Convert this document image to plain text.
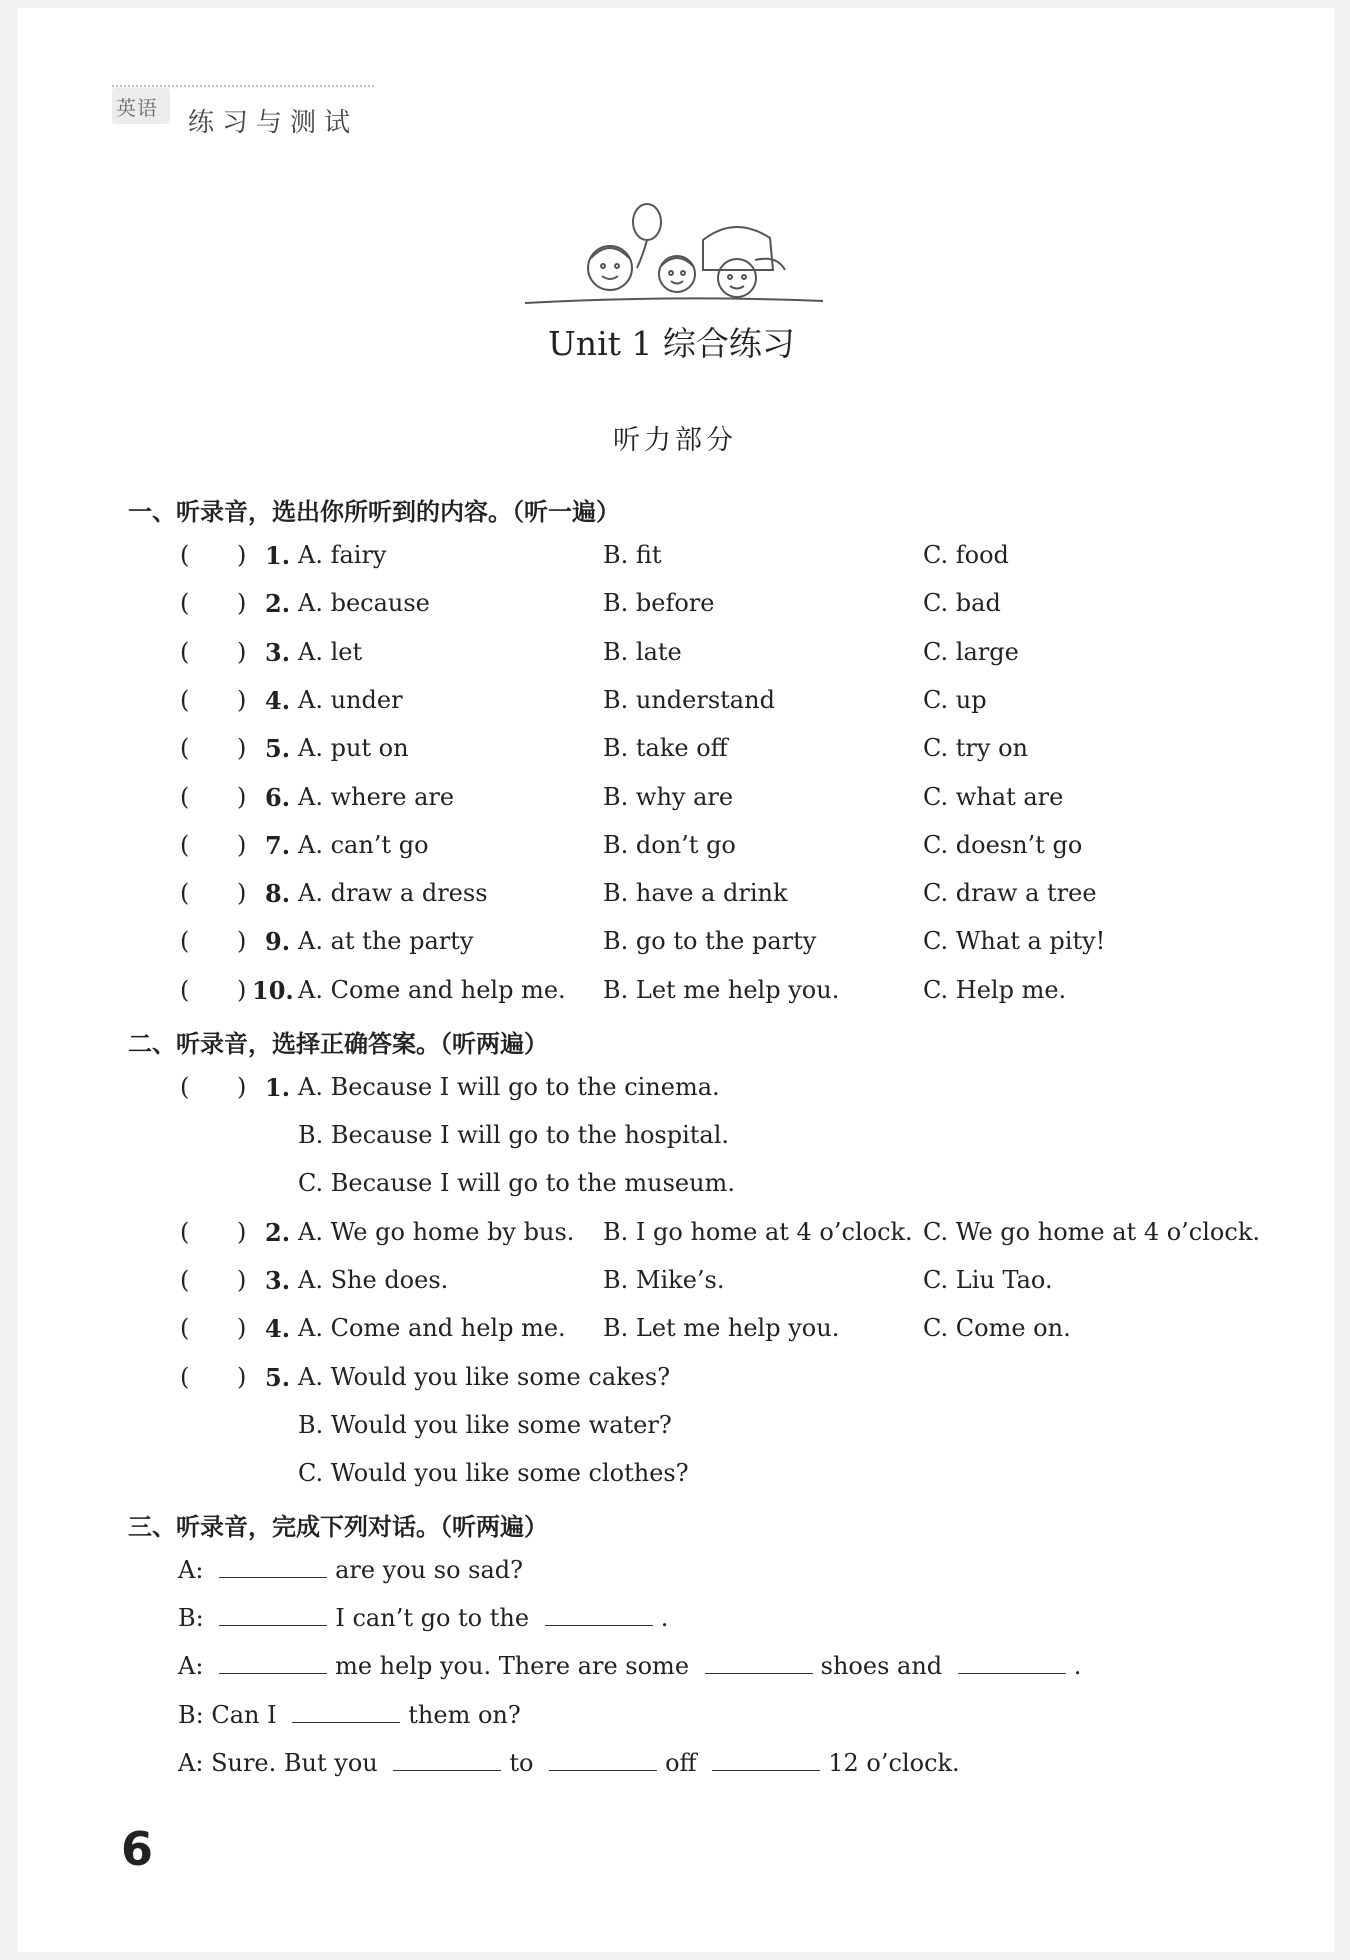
英语 练习与测试
Unit 1 综合练习
听力部分
一、听录音，选出你所听到的内容。（听一遍）
( ) 1. A. fairy	B. fit	C. food
( ) 2. A. because	B. before	C. bad
( ) 3. A. let	B. late	C. large
( ) 4. A. under	B. understand	C. up
( ) 5. A. put on	B. take off	C. try on
( ) 6. A. where are	B. why are	C. what are
( ) 7. A. can’t go	B. don’t go	C. doesn’t go
( ) 8. A. draw a dress	B. have a drink	C. draw a tree
( ) 9. A. at the party	B. go to the party	C. What a pity!
( ) 10. A. Come and help me. B. Let me help you.	C. Help me.
二、听录音，选择正确答案。（听两遍）
( ) 1. A. Because I will go to the cinema.
B. Because I will go to the hospital.
C. Because I will go to the museum.
( ) 2. A. We go home by bus. B. I go home at 4 o’clock. C. We go home at 4 o’clock.
( ) 3. A. She does.	B. Mike’s.	C. Liu Tao.
( ) 4. A. Come and help me. B. Let me help you.	C. Come on.
( ) 5. A. Would you like some cakes?
B. Would you like some water?
C. Would you like some clothes?
三、听录音，完成下列对话。（听两遍）
A:	are you so sad?
B:	I can’t go to the	.
A:	me help you. There are some	shoes and	.
B: Can I	them on?
A: Sure. But you	to	off	12 o’clock.
6
